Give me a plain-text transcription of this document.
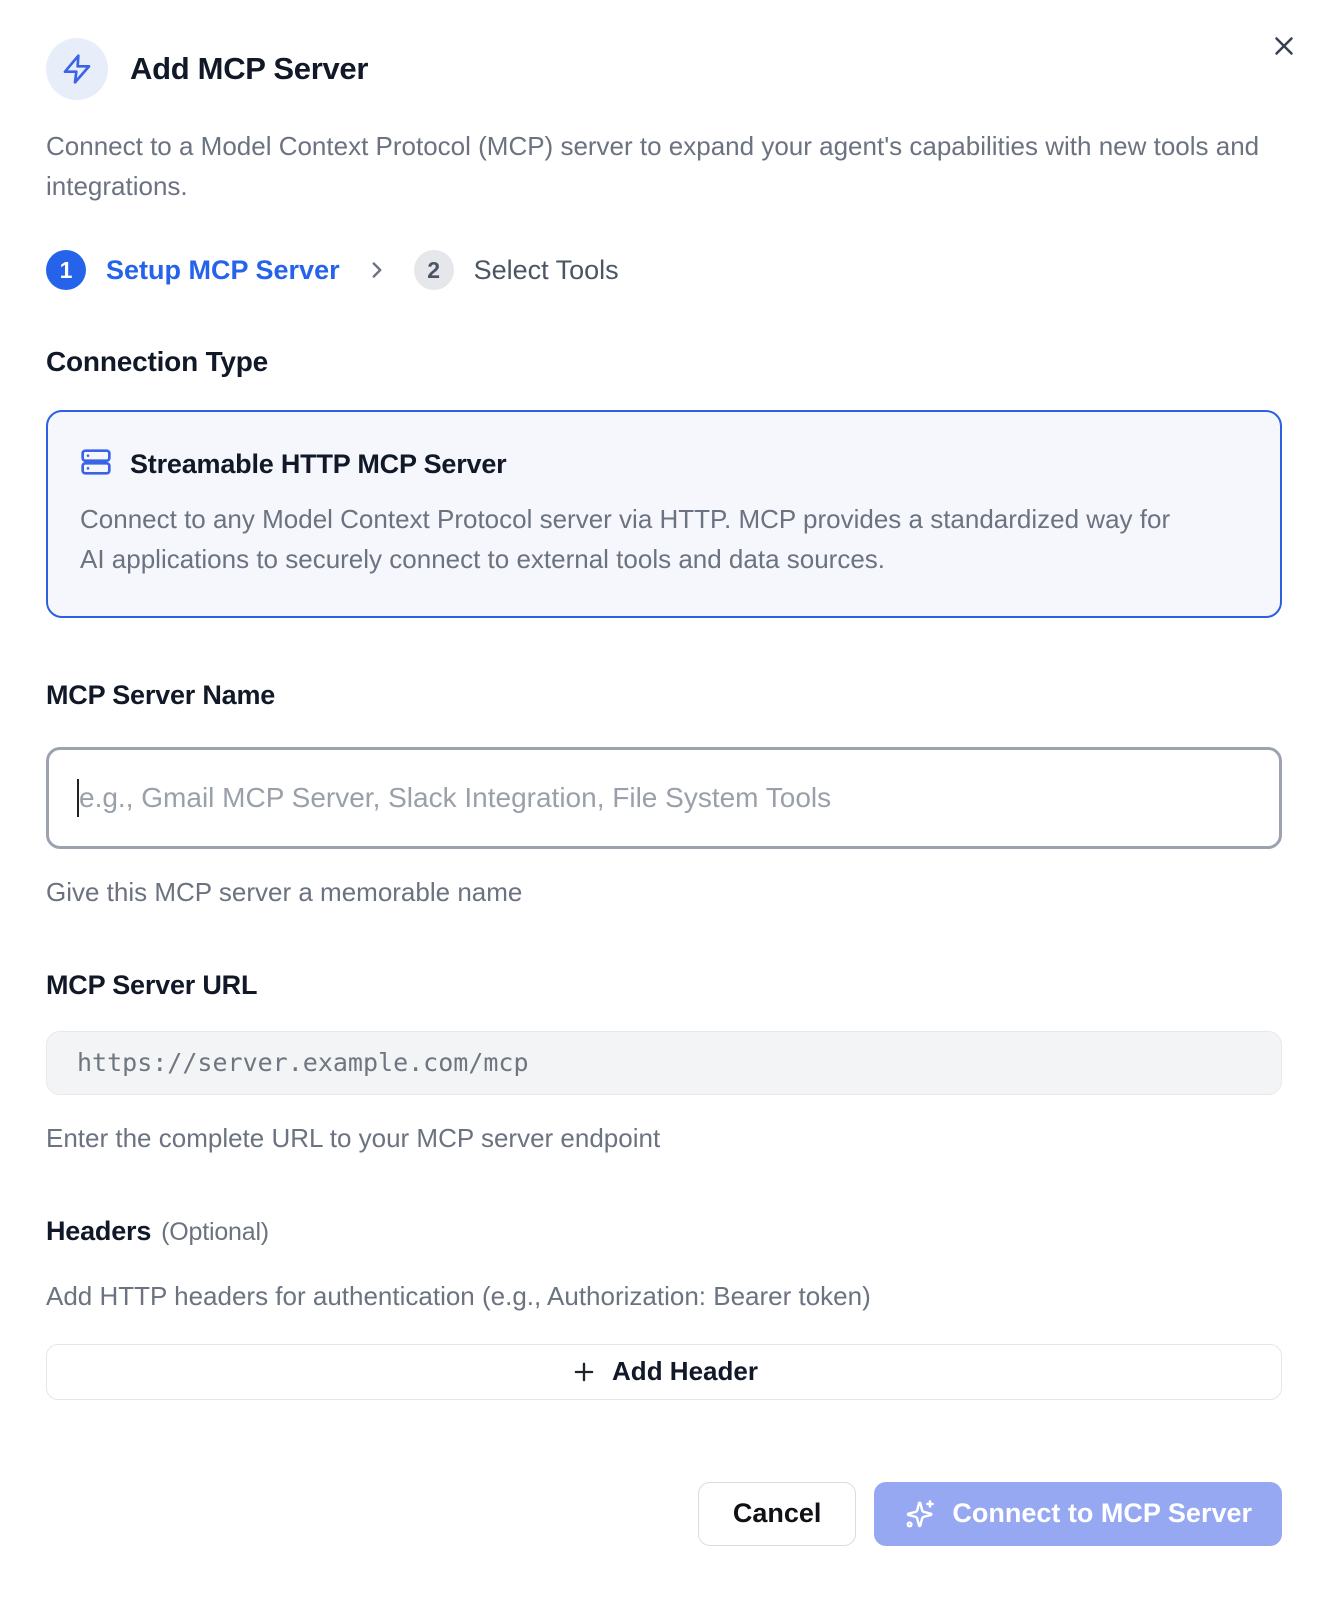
Add MCP Server

Connect to a Model Context Protocol (MCP) server to expand your agent's capabilities with new tools and integrations.

1	Setup MCP Server	2	Select Tools
Connection Type
Streamable HTTP MCP Server

Connect to any Model Context Protocol server via HTTP. MCP provides a standardized way for AI applications to securely connect to external tools and data sources.

MCP Server Name
e.g., Gmail MCP Server, Slack Integration, File System Tools
Give this MCP server a memorable name
MCP Server URL
https://server.example.com/mcp
Enter the complete URL to your MCP server endpoint
Headers (Optional)
Add HTTP headers for authentication (e.g., Authorization: Bearer token)
Add Header
Cancel	Connect to MCP Server
